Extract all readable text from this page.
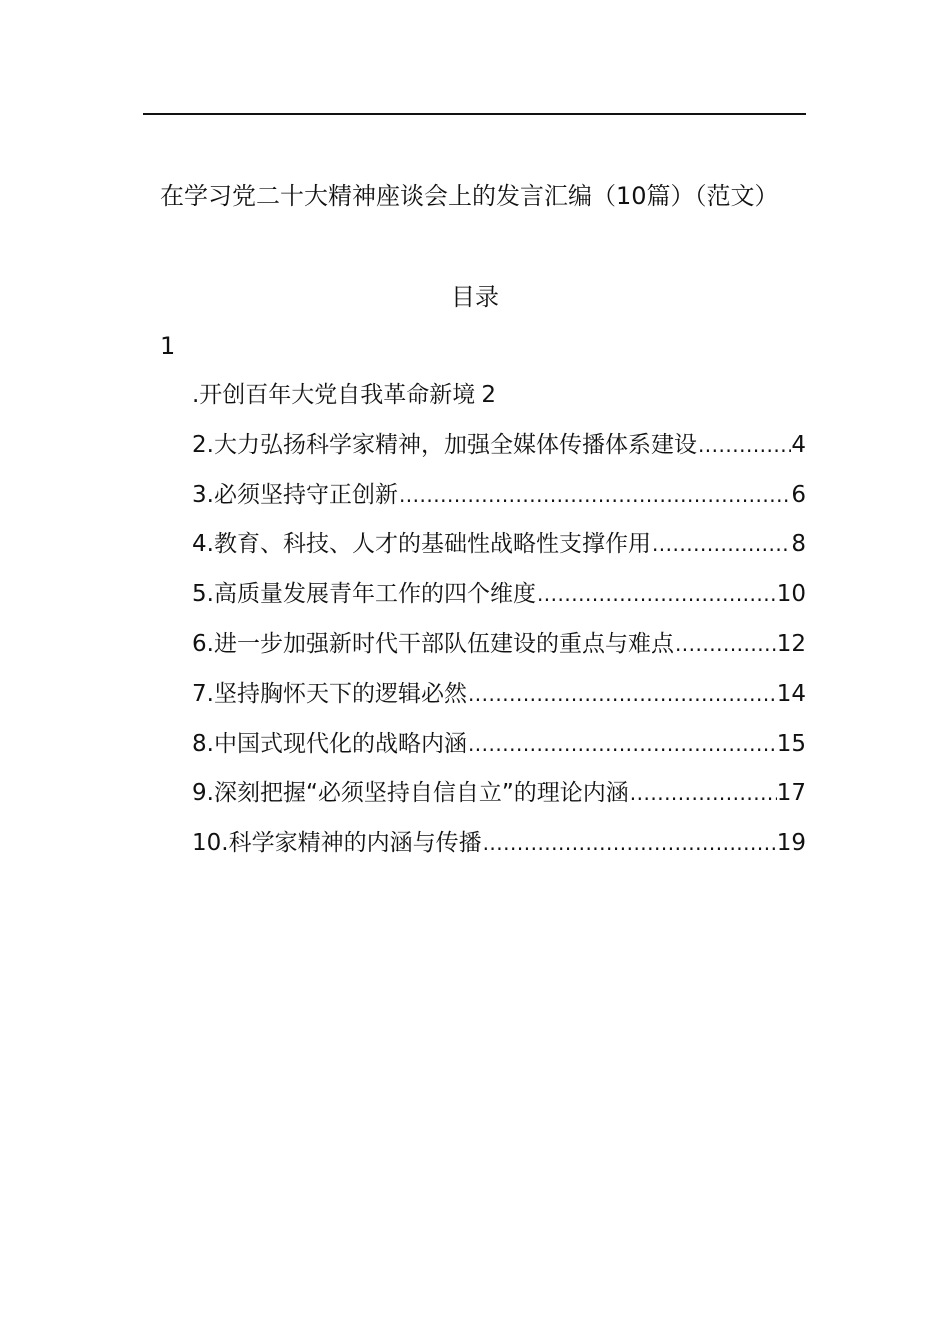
在学习党二十大精神座谈会上的发言汇编（10篇）（范文）
目录
1
.开创百年大党自我革命新境 2
2.大力弘扬科学家精神，加强全媒体传播体系建设 .....	4
3.必须坚持守正创新 .....	6
4.教育、科技、人才的基础性战略性支撑作用 .....	8
5.高质量发展青年工作的四个维度 .....	10
6.进一步加强新时代干部队伍建设的重点与难点 .....	12
7.坚持胸怀天下的逻辑必然 .....	14
8.中国式现代化的战略内涵 .....	15
9.深刻把握“必须坚持自信自立”的理论内涵 .....	17
10.科学家精神的内涵与传播 .....	19
